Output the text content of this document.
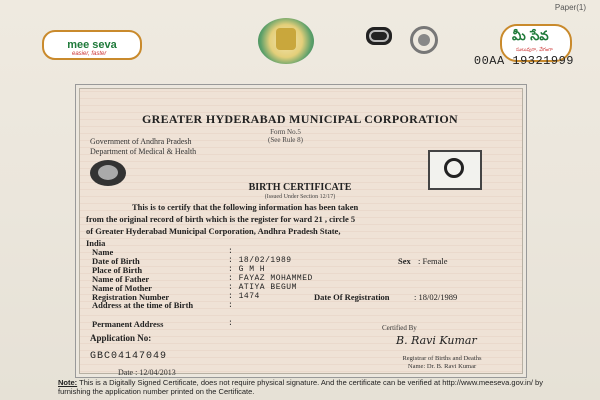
Paper(1)
mee seva
easier, faster
మీ సేవ
సులువుగా, వేగంగా
00AA 19321999
GREATER HYDERABAD MUNICIPAL CORPORATION
Government of Andhra Pradesh
Department of Medical & Health
Form No.5
(See Rule 8)
BIRTH CERTIFICATE
(Issued Under Section 12/17)
This is to certify that the following information has been taken
from the original record of birth which is the register for ward 21 , circle 5
of Greater Hyderabad Municipal Corporation, Andhra Pradesh State,
India
Name	:
Date of Birth	: 18/02/1989	Sex : Female
Place of Birth	: G M H
Name of Father	: FAYAZ MOHAMMED
Name of Mother	: ATIYA BEGUM
Registration Number	: 1474	Date Of Registration	: 18/02/1989
Address at the time of Birth	:
Permanent Address	:
Application No:
GBC04147049
Date : 12/04/2013
Certified By
B. Ravi Kumar
Registrar of Births and Deaths
Name: Dr. B. Ravi Kumar
Note: This is a Digitally Signed Certificate, does not require physical signature. And the certificate can be verified at http://www.meeseva.gov.in/ by furnishing the application number printed on the Certificate.
